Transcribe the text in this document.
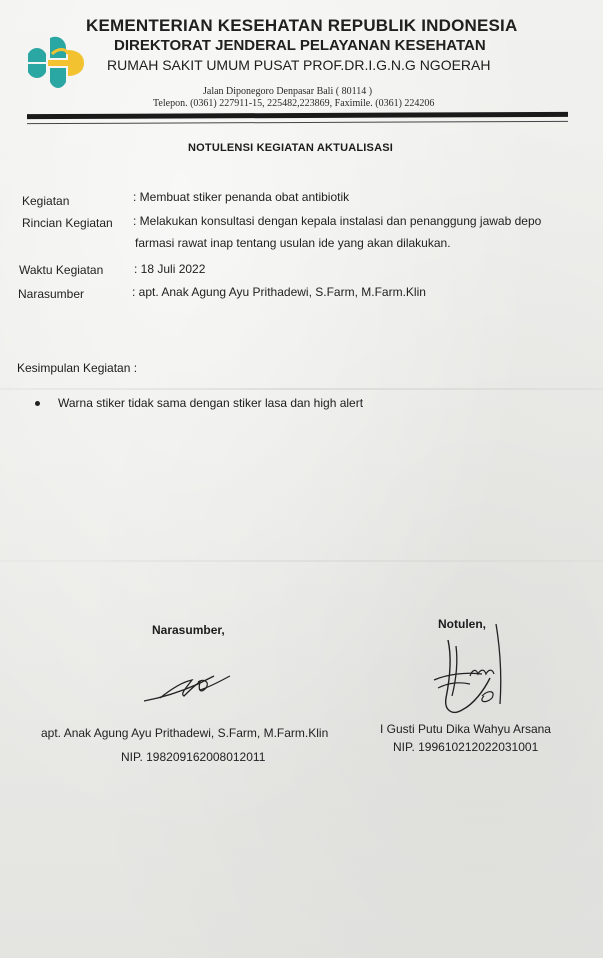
KEMENTERIAN KESEHATAN REPUBLIK INDONESIA
DIREKTORAT JENDERAL PELAYANAN KESEHATAN
RUMAH SAKIT UMUM PUSAT PROF.DR.I.G.N.G NGOERAH
Jalan Diponegoro Denpasar Bali ( 80114 )
Telepon. (0361) 227911-15, 225482,223869, Faximile. (0361) 224206
NOTULENSI KEGIATAN AKTUALISASI
Kegiatan	: Membuat stiker penanda obat antibiotik
Rincian Kegiatan : Melakukan konsultasi dengan kepala instalasi dan penanggung jawab depo
farmasi rawat inap tentang usulan ide yang akan dilakukan.
Waktu Kegiatan	: 18 Juli 2022
Narasumber	: apt. Anak Agung Ayu Prithadewi, S.Farm, M.Farm.Klin
Kesimpulan Kegiatan :
Warna stiker tidak sama dengan stiker lasa dan high alert
Narasumber,
apt. Anak Agung Ayu Prithadewi, S.Farm, M.Farm.Klin
NIP. 198209162008012011
Notulen,
I Gusti Putu Dika Wahyu Arsana
NIP. 199610212022031001
